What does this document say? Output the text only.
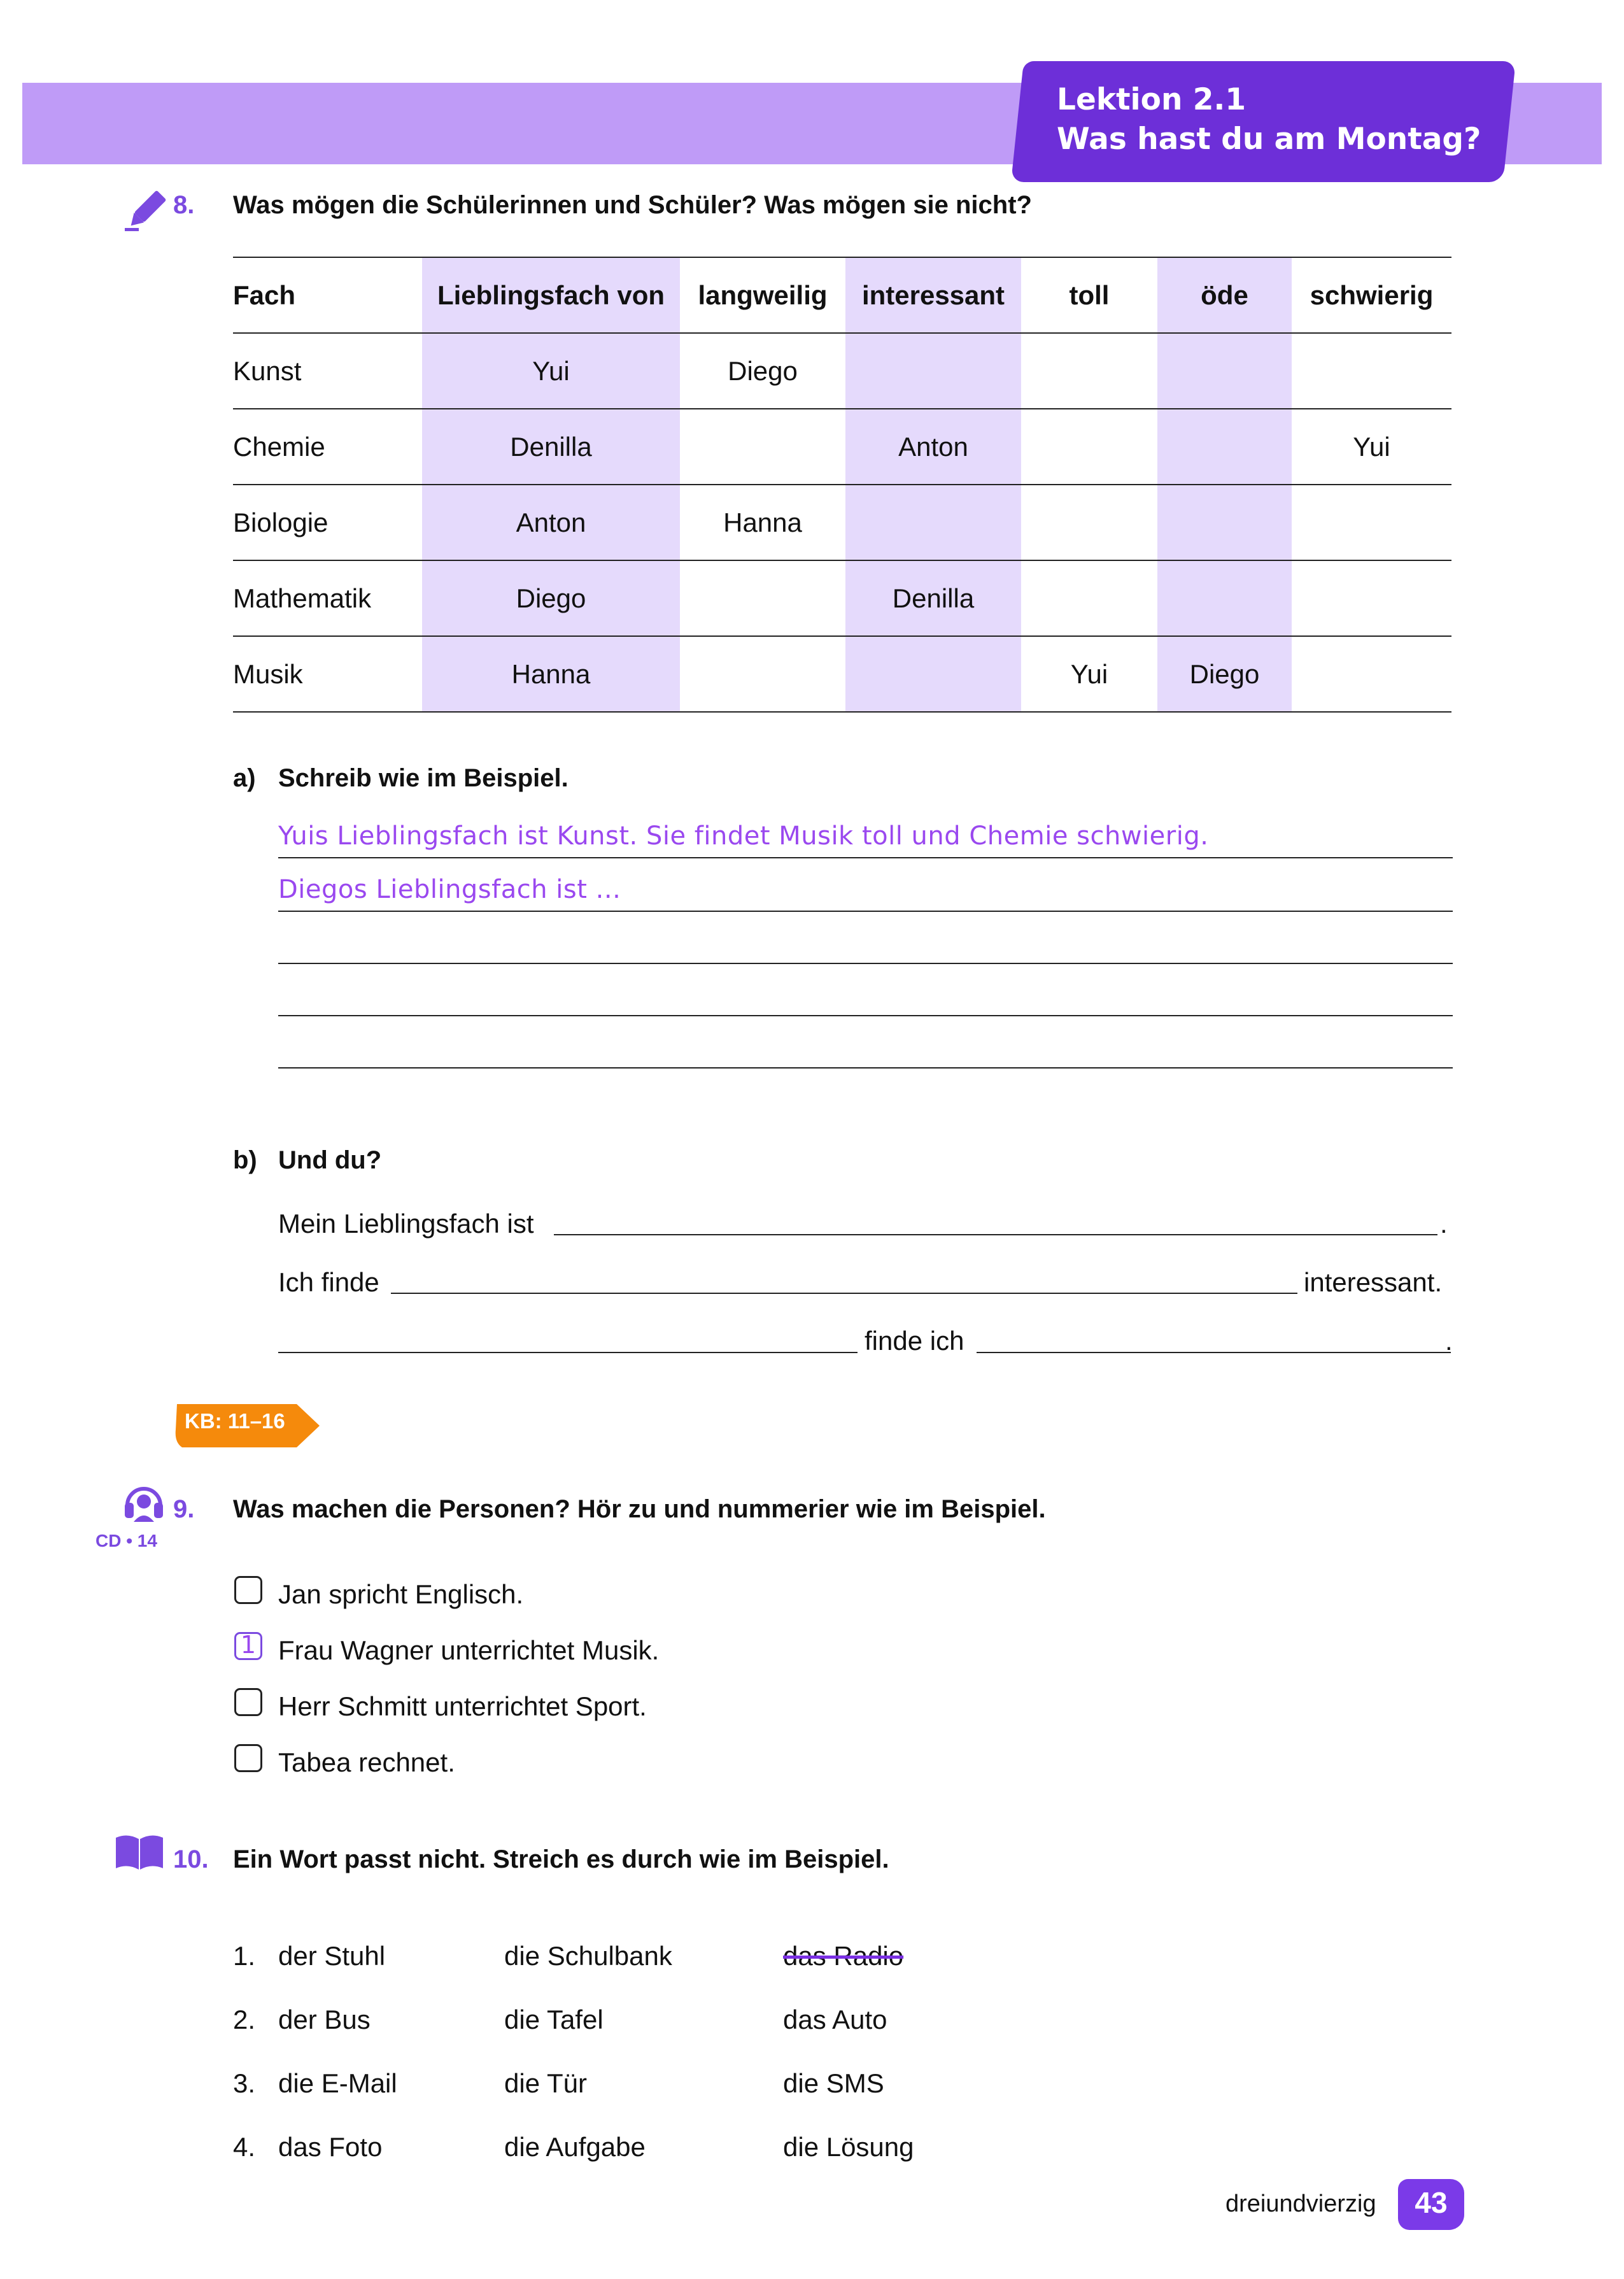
Lektion 2.1
Was hast du am Montag?
8. Was mögen die Schülerinnen und Schüler? Was mögen sie nicht?
Fach	Lieblingsfach von	langweilig	interessant	toll	öde	schwierig
Kunst	Yui	Diego				
Chemie	Denilla		Anton			Yui
Biologie	Anton	Hanna				
Mathematik	Diego		Denilla			
Musik	Hanna			Yui	Diego	
a) Schreib wie im Beispiel.
Yuis Lieblingsfach ist Kunst. Sie findet Musik toll und Chemie schwierig.
Diegos Lieblingsfach ist ...
b) Und du?
Mein Lieblingsfach ist	.
Ich finde	interessant.
finde ich	.
KB: 11–16
CD • 14
9. Was machen die Personen? Hör zu und nummerier wie im Beispiel.
Jan spricht Englisch.
1 Frau Wagner unterrichtet Musik.
Herr Schmitt unterrichtet Sport.
Tabea rechnet.
10. Ein Wort passt nicht. Streich es durch wie im Beispiel.
1. der Stuhl	die Schulbank	das Radio
2. der Bus	die Tafel	das Auto
3. die E-Mail	die Tür	die SMS
4. das Foto	die Aufgabe	die Lösung
dreiundvierzig	43
